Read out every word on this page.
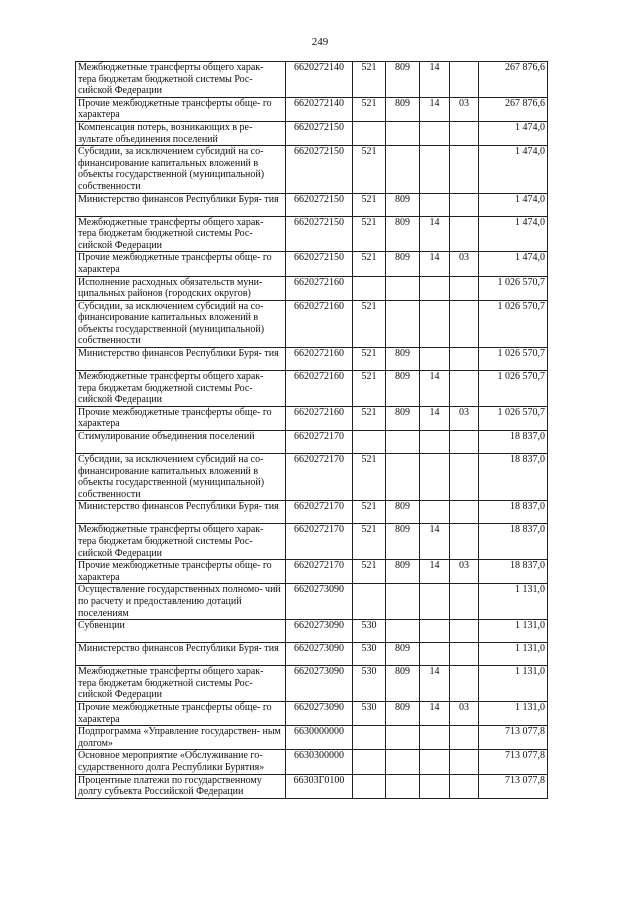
249
Межбюджетные трансферты общего харак- тера бюджетам бюджетной системы Рос- сийской Федерации	6620272140	521	809	14		267 876,6
Прочие межбюджетные трансферты обще- го характера	6620272140	521	809	14	03	267 876,6
Компенсация потерь, возникающих в ре- зультате объединения поселений	6620272150					1 474,0
Субсидии, за исключением субсидий на со- финансирование капитальных вложений в объекты государственной (муниципальной) собственности	6620272150	521				1 474,0
Министерство финансов Республики Буря- тия	6620272150	521	809			1 474,0
Межбюджетные трансферты общего харак- тера бюджетам бюджетной системы Рос- сийской Федерации	6620272150	521	809	14		1 474,0
Прочие межбюджетные трансферты обще- го характера	6620272150	521	809	14	03	1 474,0
Исполнение расходных обязательств муни- ципальных районов (городских округов)	6620272160					1 026 570,7
Субсидии, за исключением субсидий на со- финансирование капитальных вложений в объекты государственной (муниципальной) собственности	6620272160	521				1 026 570,7
Министерство финансов Республики Буря- тия	6620272160	521	809			1 026 570,7
Межбюджетные трансферты общего харак- тера бюджетам бюджетной системы Рос- сийской Федерации	6620272160	521	809	14		1 026 570,7
Прочие межбюджетные трансферты обще- го характера	6620272160	521	809	14	03	1 026 570,7
Стимулирование объединения поселений	6620272170					18 837,0
Субсидии, за исключением субсидий на со- финансирование капитальных вложений в объекты государственной (муниципальной) собственности	6620272170	521				18 837,0
Министерство финансов Республики Буря- тия	6620272170	521	809			18 837,0
Межбюджетные трансферты общего харак- тера бюджетам бюджетной системы Рос- сийской Федерации	6620272170	521	809	14		18 837,0
Прочие межбюджетные трансферты обще- го характера	6620272170	521	809	14	03	18 837,0
Осуществление государственных полномо- чий по расчету и предоставлению дотаций поселениям	6620273090					1 131,0
Субвенции	6620273090	530				1 131,0
Министерство финансов Республики Буря- тия	6620273090	530	809			1 131,0
Межбюджетные трансферты общего харак- тера бюджетам бюджетной системы Рос- сийской Федерации	6620273090	530	809	14		1 131,0
Прочие межбюджетные трансферты обще- го характера	6620273090	530	809	14	03	1 131,0
Подпрограмма «Управление государствен- ным долгом»	6630000000					713 077,8
Основное мероприятие «Обслуживание го- сударственного долга Республики Бурятия»	6630300000					713 077,8
Процентные платежи по государственному долгу субъекта Российской Федерации	66303Г0100					713 077,8
